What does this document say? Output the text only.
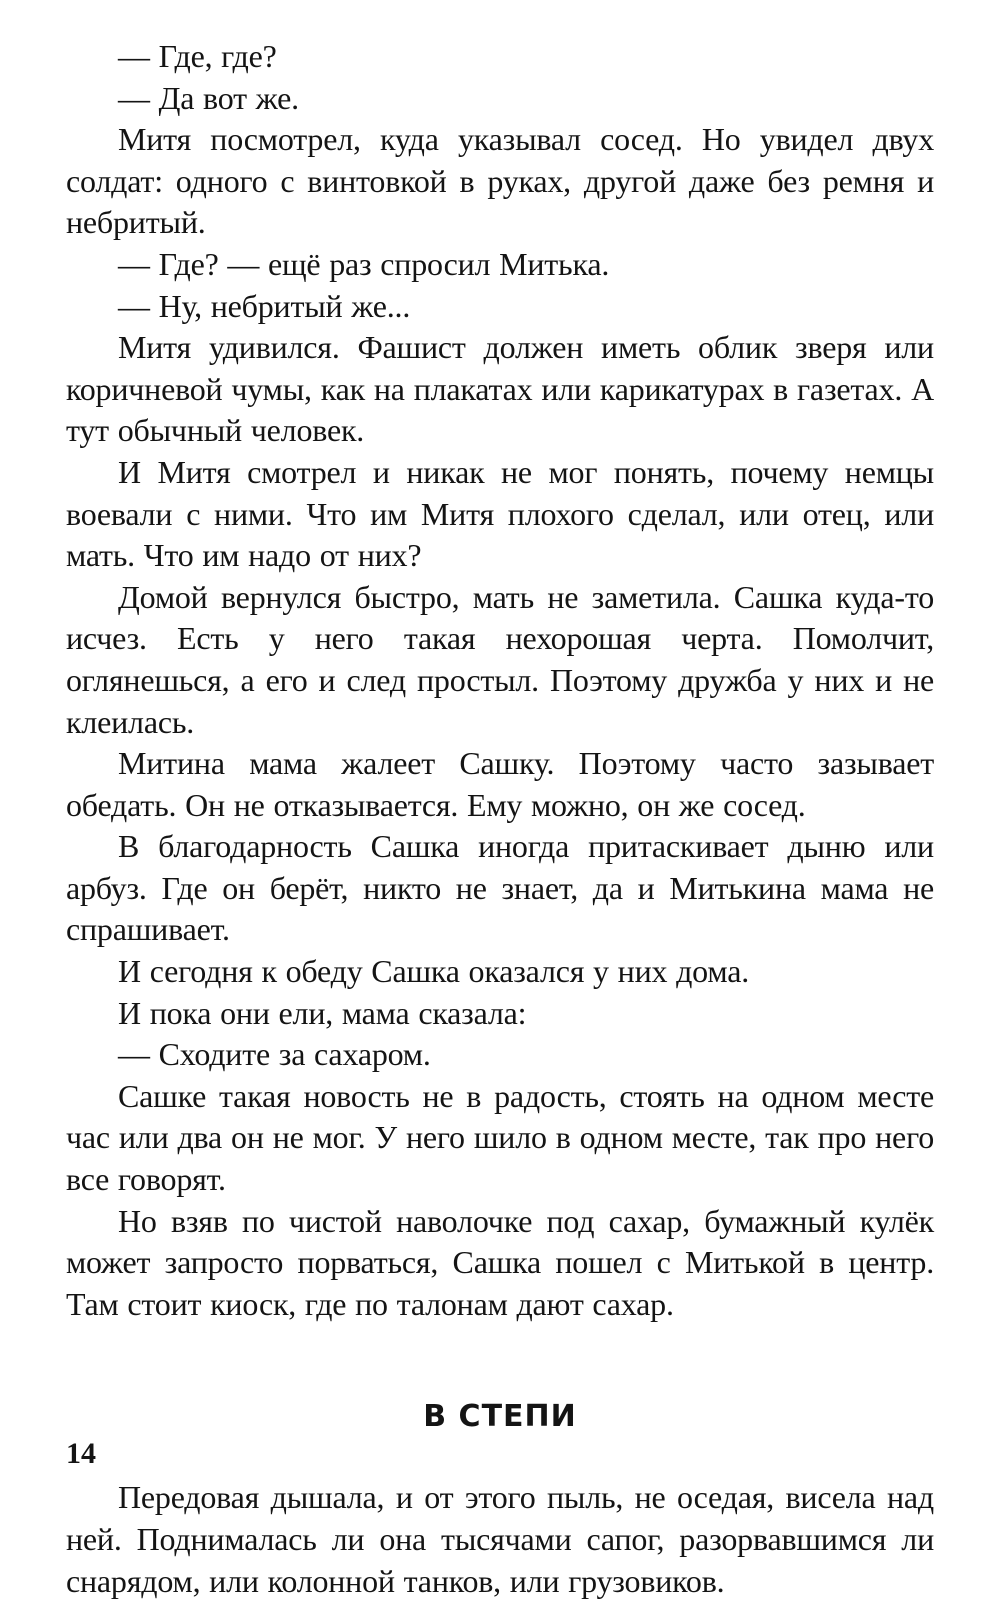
— Где, где?

— Да вот же.

Митя посмотрел, куда указывал сосед. Но увидел двух солдат: одного с винтовкой в руках, другой даже без ремня и небритый.

— Где? — ещё раз спросил Митька.

— Ну, небритый же...

Митя удивился. Фашист должен иметь облик зверя или коричневой чумы, как на плакатах или карикатурах в газетах. А тут обычный человек.

И Митя смотрел и никак не мог понять, почему немцы воевали с ними. Что им Митя плохого сделал, или отец, или мать. Что им надо от них?

Домой вернулся быстро, мать не заметила. Сашка куда-то исчез. Есть у него такая нехорошая черта. Помолчит, оглянешься, а его и след простыл. Поэтому дружба у них и не клеилась.

Митина мама жалеет Сашку. Поэтому часто зазывает обедать. Он не отказывается. Ему можно, он же сосед.

В благодарность Сашка иногда притаскивает дыню или арбуз. Где он берёт, никто не знает, да и Митькина мама не спрашивает.

И сегодня к обеду Сашка оказался у них дома.

И пока они ели, мама сказала:

— Сходите за сахаром.

Сашке такая новость не в радость, стоять на одном месте час или два он не мог. У него шило в одном месте, так про него все говорят.

Но взяв по чистой наволочке под сахар, бумажный кулёк может запросто порваться, Сашка пошел с Митькой в центр. Там стоит киоск, где по талонам дают сахар.

В СТЕПИ

Передовая дышала, и от этого пыль, не оседая, висела над ней. Поднималась ли она тысячами сапог, разорвавшимся ли снарядом, или колонной танков, или грузовиков.

14
